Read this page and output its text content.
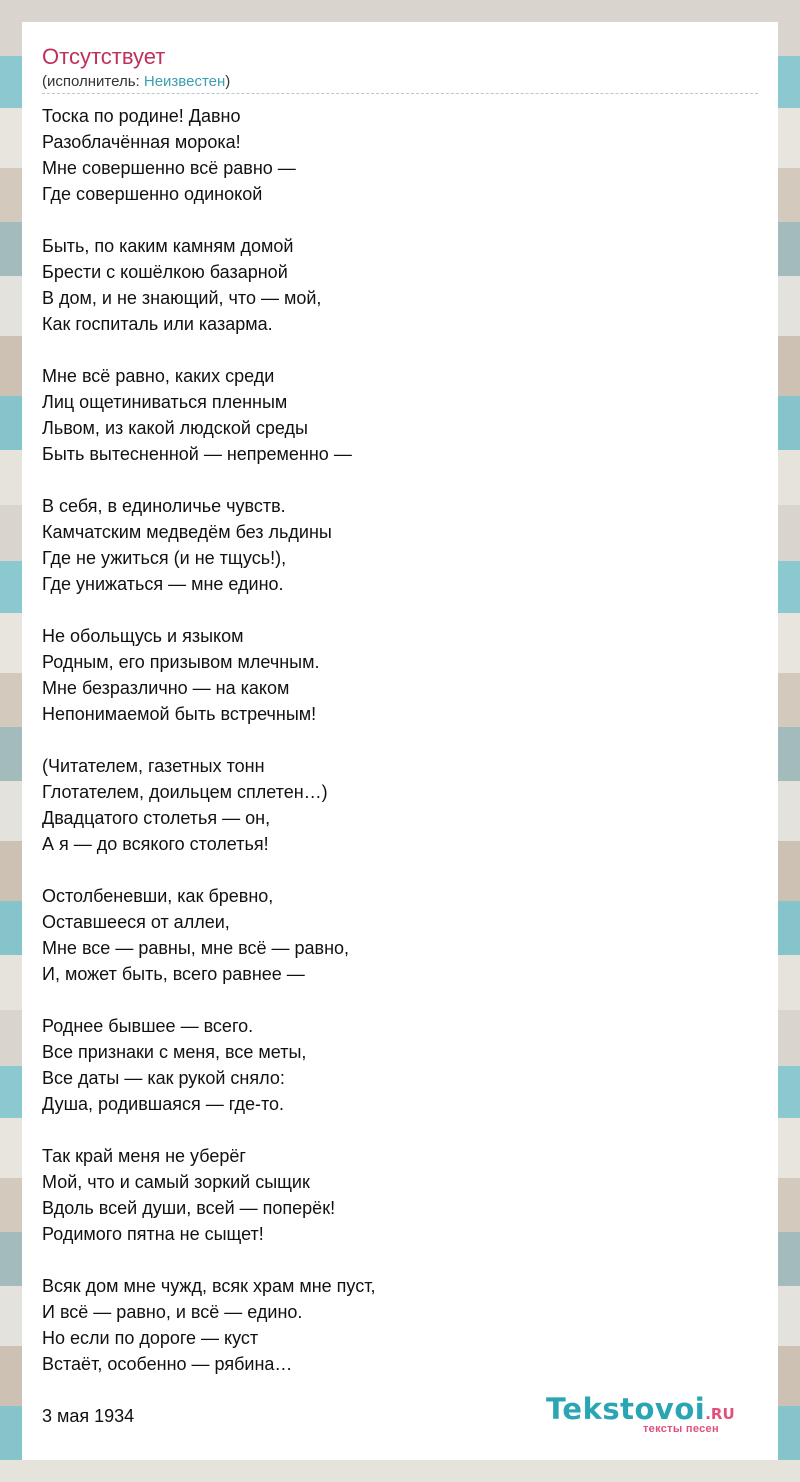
Отсутствует
(исполнитель: Неизвестен)

Тоска по родине! Давно
Разоблачённая морока!
Мне совершенно всё равно —
Где совершенно одинокой

Быть, по каким камням домой
Брести с кошёлкою базарной
В дом, и не знающий, что — мой,
Как госпиталь или казарма.

Мне всё равно, каких среди
Лиц ощетиниваться пленным
Львом, из какой людской среды
Быть вытесненной — непременно —

В себя, в единоличье чувств.
Камчатским медведём без льдины
Где не ужиться (и не тщусь!),
Где унижаться — мне едино.

Не обольщусь и языком
Родным, его призывом млечным.
Мне безразлично — на каком
Непонимаемой быть встречным!

(Читателем, газетных тонн
Глотателем, доильцем сплетен…)
Двадцатого столетья — он,
А я — до всякого столетья!

Остолбеневши, как бревно,
Оставшееся от аллеи,
Мне все — равны, мне всё — равно,
И, может быть, всего равнее —

Роднее бывшее — всего.
Все признаки с меня, все меты,
Все даты — как рукой сняло:
Душа, родившаяся — где-то.

Так край меня не уберёг
Мой, что и самый зоркий сыщик
Вдоль всей души, всей — поперёк!
Родимого пятна не сыщет!

Всяк дом мне чужд, всяк храм мне пуст,
И всё — равно, и всё — едино.
Но если по дороге — куст
Встаёт, особенно — рябина…

3 мая 1934	Tekstovoi.RU
тексты песен
